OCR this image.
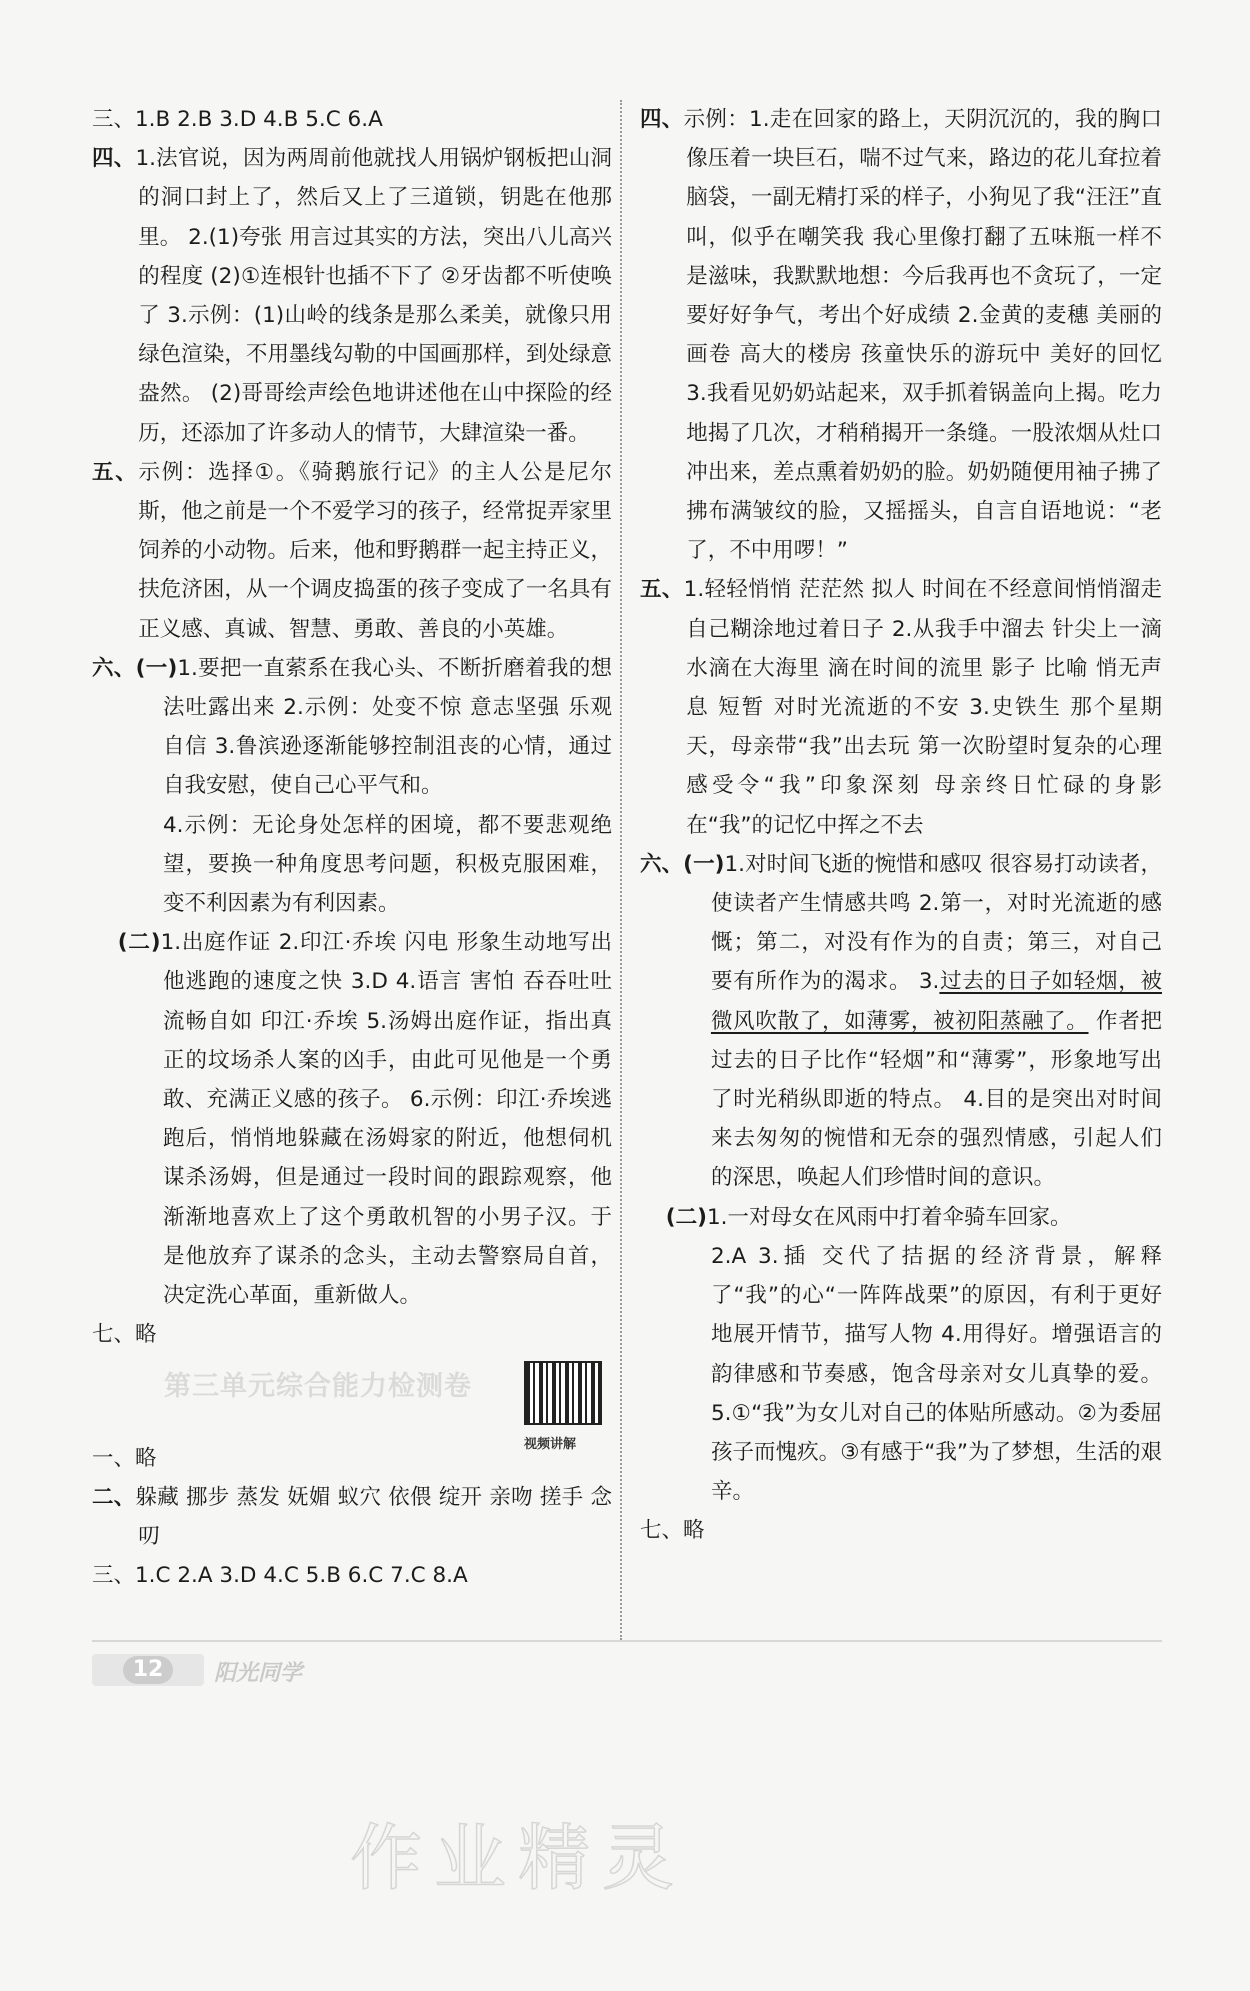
三、1.B 2.B 3.D 4.B 5.C 6.A

四、1.法官说，因为两周前他就找人用锅炉钢板把山洞的洞口封上了，然后又上了三道锁，钥匙在他那里。 2.(1)夸张 用言过其实的方法，突出八儿高兴的程度 (2)①连根针也插不下了 ②牙齿都不听使唤了 3.示例：(1)山岭的线条是那么柔美，就像只用绿色渲染，不用墨线勾勒的中国画那样，到处绿意盎然。 (2)哥哥绘声绘色地讲述他在山中探险的经历，还添加了许多动人的情节，大肆渲染一番。

五、示例：选择①。《骑鹅旅行记》的主人公是尼尔斯，他之前是一个不爱学习的孩子，经常捉弄家里饲养的小动物。后来，他和野鹅群一起主持正义，扶危济困，从一个调皮捣蛋的孩子变成了一名具有正义感、真诚、智慧、勇敢、善良的小英雄。

六、(一)1.要把一直萦系在我心头、不断折磨着我的想法吐露出来 2.示例：处变不惊 意志坚强 乐观自信 3.鲁滨逊逐渐能够控制沮丧的心情，通过自我安慰，使自己心平气和。

4.示例：无论身处怎样的困境，都不要悲观绝望，要换一种角度思考问题，积极克服困难，变不利因素为有利因素。

(二)1.出庭作证 2.印江·乔埃 闪电 形象生动地写出他逃跑的速度之快 3.D 4.语言 害怕 吞吞吐吐 流畅自如 印江·乔埃 5.汤姆出庭作证，指出真正的坟场杀人案的凶手，由此可见他是一个勇敢、充满正义感的孩子。 6.示例：印江·乔埃逃跑后，悄悄地躲藏在汤姆家的附近，他想伺机谋杀汤姆，但是通过一段时间的跟踪观察，他渐渐地喜欢上了这个勇敢机智的小男子汉。于是他放弃了谋杀的念头，主动去警察局自首，决定洗心革面，重新做人。

七、略

第三单元综合能力检测卷
视频讲解

一、略

二、躲藏 挪步 蒸发 妩媚 蚁穴 依偎 绽开 亲吻 搓手 念叨

三、1.C 2.A 3.D 4.C 5.B 6.C 7.C 8.A

四、示例：1.走在回家的路上，天阴沉沉的，我的胸口像压着一块巨石，喘不过气来，路边的花儿耷拉着脑袋，一副无精打采的样子，小狗见了我“汪汪”直叫，似乎在嘲笑我 我心里像打翻了五味瓶一样不是滋味，我默默地想：今后我再也不贪玩了，一定要好好争气，考出个好成绩 2.金黄的麦穗 美丽的画卷 高大的楼房 孩童快乐的游玩中 美好的回忆 3.我看见奶奶站起来，双手抓着锅盖向上揭。吃力地揭了几次，才稍稍揭开一条缝。一股浓烟从灶口冲出来，差点熏着奶奶的脸。奶奶随便用袖子拂了拂布满皱纹的脸，又摇摇头，自言自语地说：“老了，不中用啰！”

五、1.轻轻悄悄 茫茫然 拟人 时间在不经意间悄悄溜走 自己糊涂地过着日子 2.从我手中溜去 针尖上一滴水滴在大海里 滴在时间的流里 影子 比喻 悄无声息 短暂 对时光流逝的不安 3.史铁生 那个星期天，母亲带“我”出去玩 第一次盼望时复杂的心理感受令“我”印象深刻 母亲终日忙碌的身影在“我”的记忆中挥之不去

六、(一)1.对时间飞逝的惋惜和感叹 很容易打动读者，使读者产生情感共鸣 2.第一，对时光流逝的感慨；第二，对没有作为的自责；第三，对自己要有所作为的渴求。 3.过去的日子如轻烟，被微风吹散了，如薄雾，被初阳蒸融了。 作者把过去的日子比作“轻烟”和“薄雾”，形象地写出了时光稍纵即逝的特点。 4.目的是突出对时间来去匆匆的惋惜和无奈的强烈情感，引起人们的深思，唤起人们珍惜时间的意识。

(二)1.一对母女在风雨中打着伞骑车回家。

2.A 3.插 交代了拮据的经济背景，解释了“我”的心“一阵阵战栗”的原因，有利于更好地展开情节，描写人物 4.用得好。增强语言的韵律感和节奏感，饱含母亲对女儿真挚的爱。 5.①“我”为女儿对自己的体贴所感动。②为委屈孩子而愧疚。③有感于“我”为了梦想，生活的艰辛。

七、略

12	阳光同学
作业精灵
